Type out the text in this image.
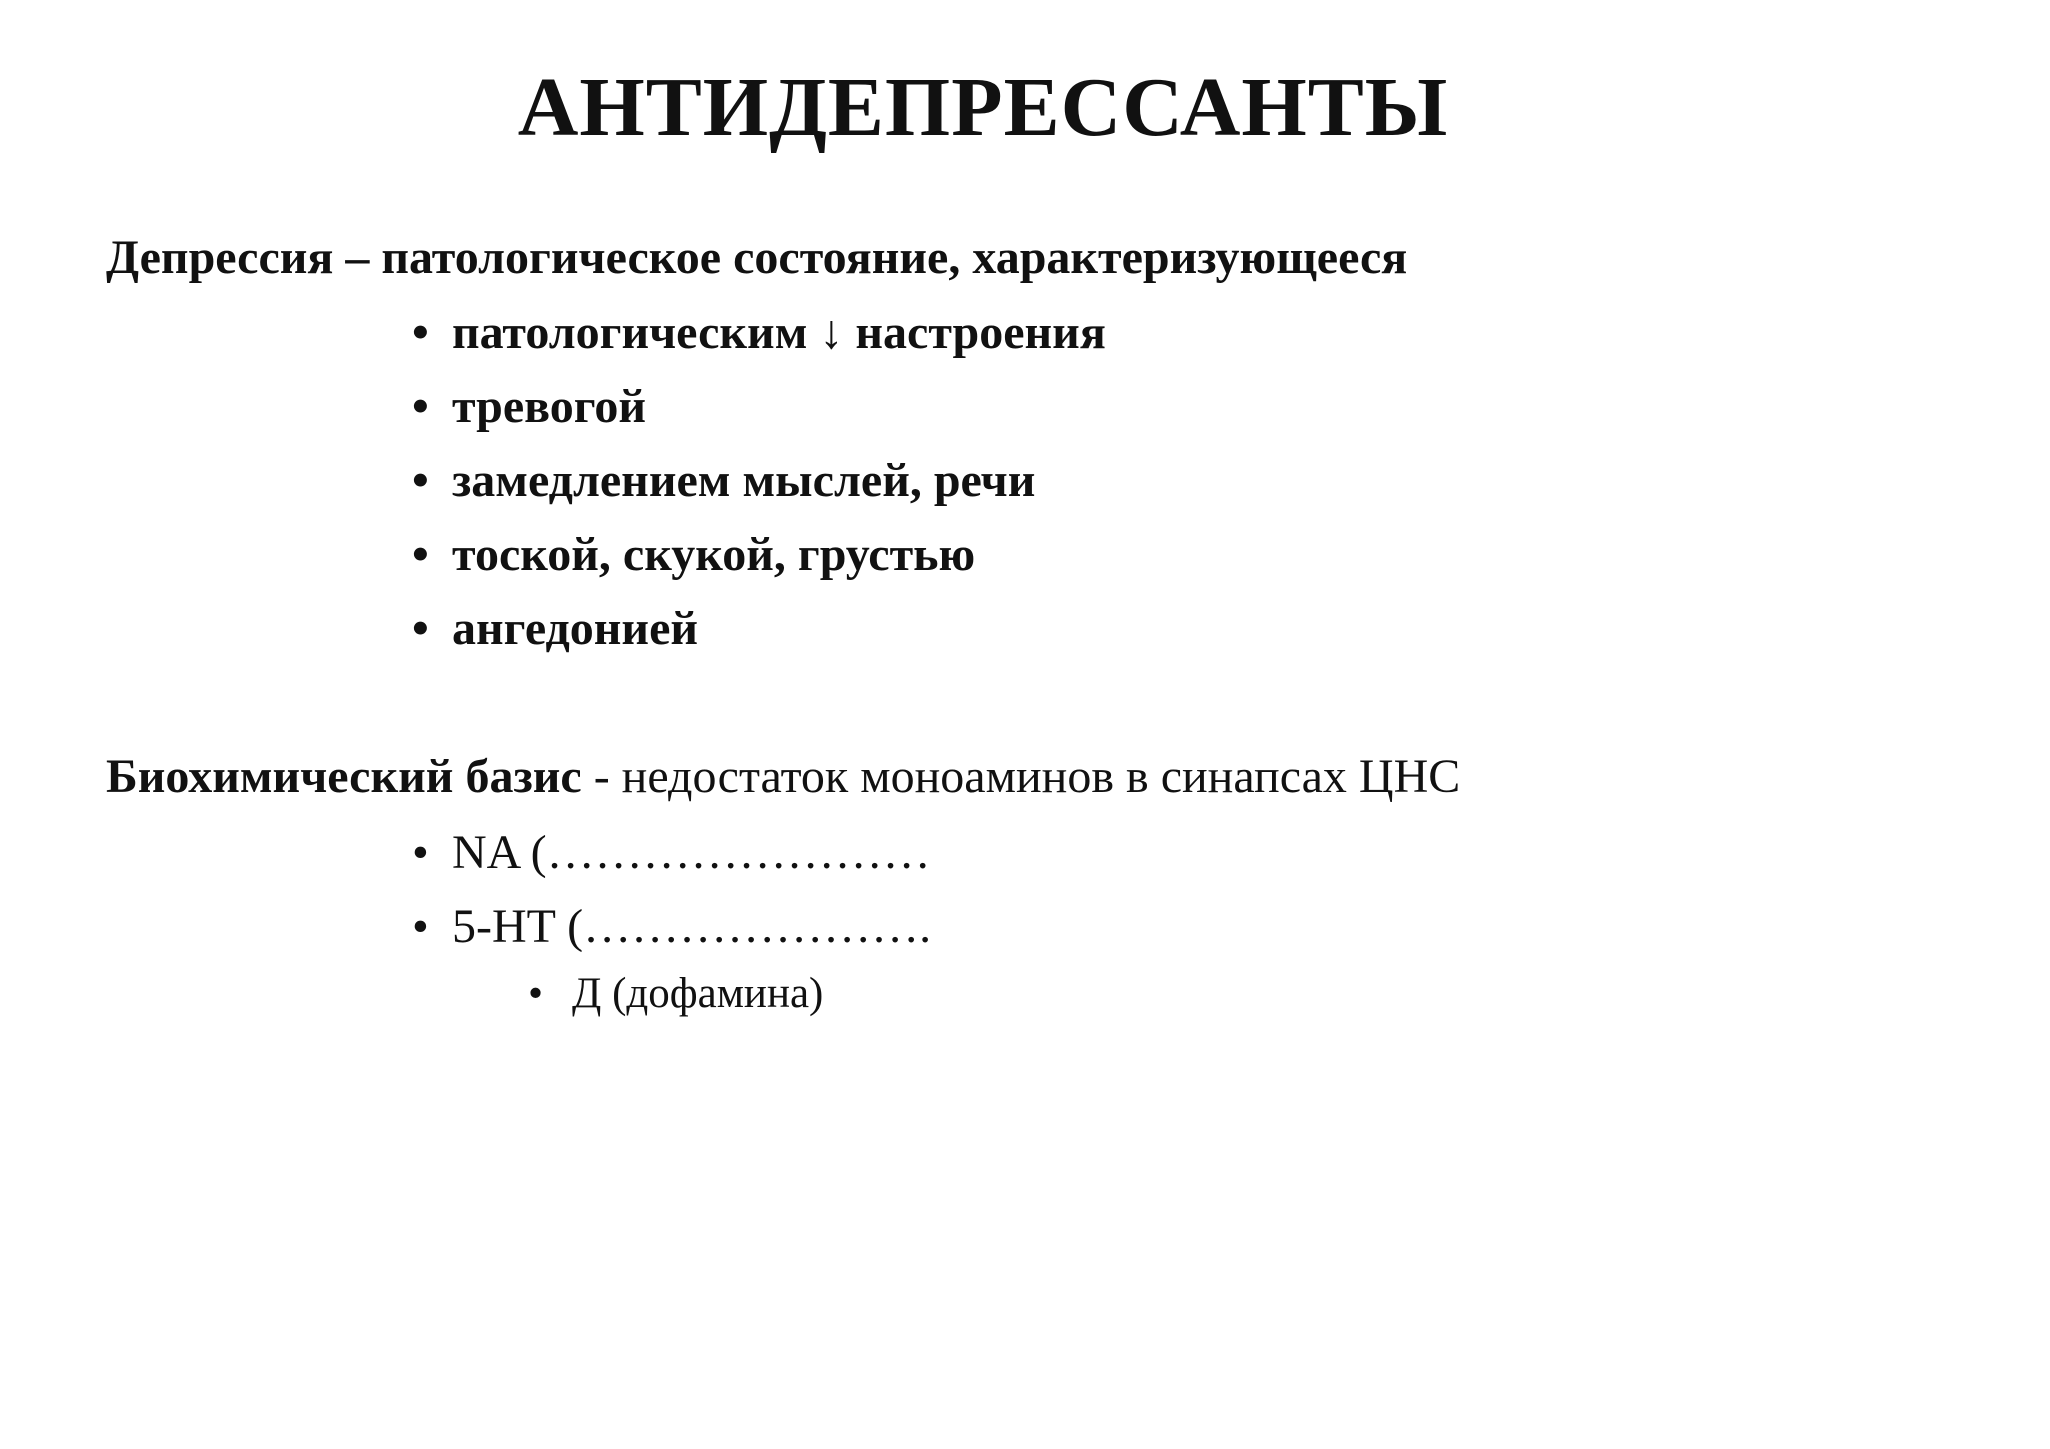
АНТИДЕПРЕССАНТЫ
Депрессия – патологическое состояние, характеризующееся
• патологическим ↓ настроения
• тревогой
• замедлением мыслей, речи
• тоской, скукой, грустью
• ангедонией
Биохимический базис - недостаток моноаминов в синапсах ЦНС
• NA (……………………
• 5-HT (………………….
• Д (дофамина)
